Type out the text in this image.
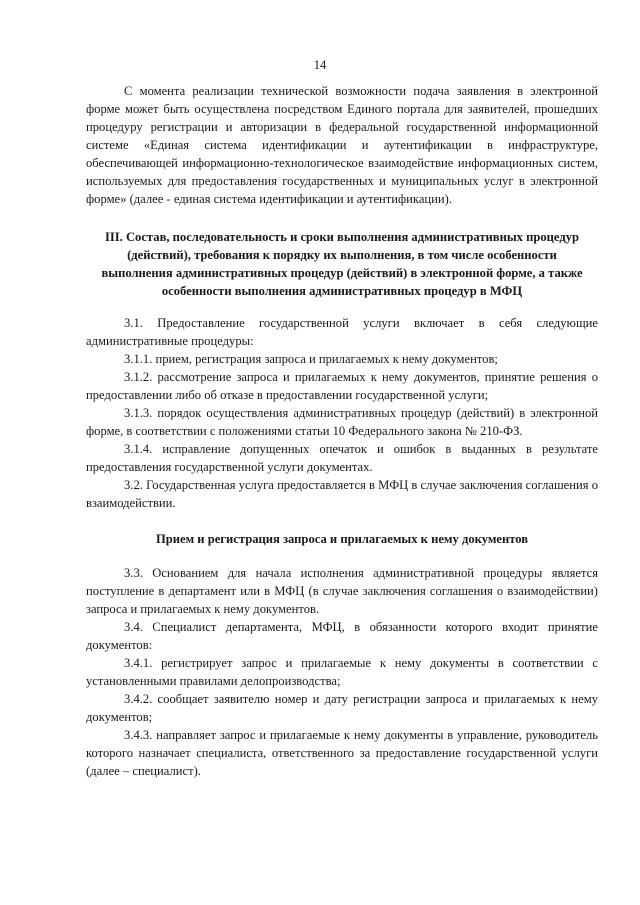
14

С момента реализации технической возможности подача заявления в электронной форме может быть осуществлена посредством Единого портала для заявителей, прошедших процедуру регистрации и авторизации в федеральной государственной информационной системе «Единая система идентификации и аутентификации в инфраструктуре, обеспечивающей информационно-технологическое взаимодействие информационных систем, используемых для предоставления государственных и муниципальных услуг в электронной форме» (далее - единая система идентификации и аутентификации).

III. Состав, последовательность и сроки выполнения административных процедур (действий), требования к порядку их выполнения, в том числе особенности выполнения административных процедур (действий) в электронной форме, а также особенности выполнения административных процедур в МФЦ

3.1. Предоставление государственной услуги включает в себя следующие административные процедуры:

3.1.1. прием, регистрация запроса и прилагаемых к нему документов;

3.1.2. рассмотрение запроса и прилагаемых к нему документов, принятие решения о предоставлении либо об отказе в предоставлении государственной услуги;

3.1.3. порядок осуществления административных процедур (действий) в электронной форме, в соответствии с положениями статьи 10 Федерального закона № 210-ФЗ.

3.1.4. исправление допущенных опечаток и ошибок в выданных в результате предоставления государственной услуги документах.

3.2. Государственная услуга предоставляется в МФЦ в случае заключения соглашения о взаимодействии.

Прием и регистрация запроса и прилагаемых к нему документов

3.3. Основанием для начала исполнения административной процедуры является поступление в департамент или в МФЦ (в случае заключения соглашения о взаимодействии) запроса и прилагаемых к нему документов.

3.4. Специалист департамента, МФЦ, в обязанности которого входит принятие документов:

3.4.1. регистрирует запрос и прилагаемые к нему документы в соответствии с установленными правилами делопроизводства;

3.4.2. сообщает заявителю номер и дату регистрации запроса и прилагаемых к нему документов;

3.4.3. направляет запрос и прилагаемые к нему документы в управление, руководитель которого назначает специалиста, ответственного за предоставление государственной услуги (далее – специалист).
